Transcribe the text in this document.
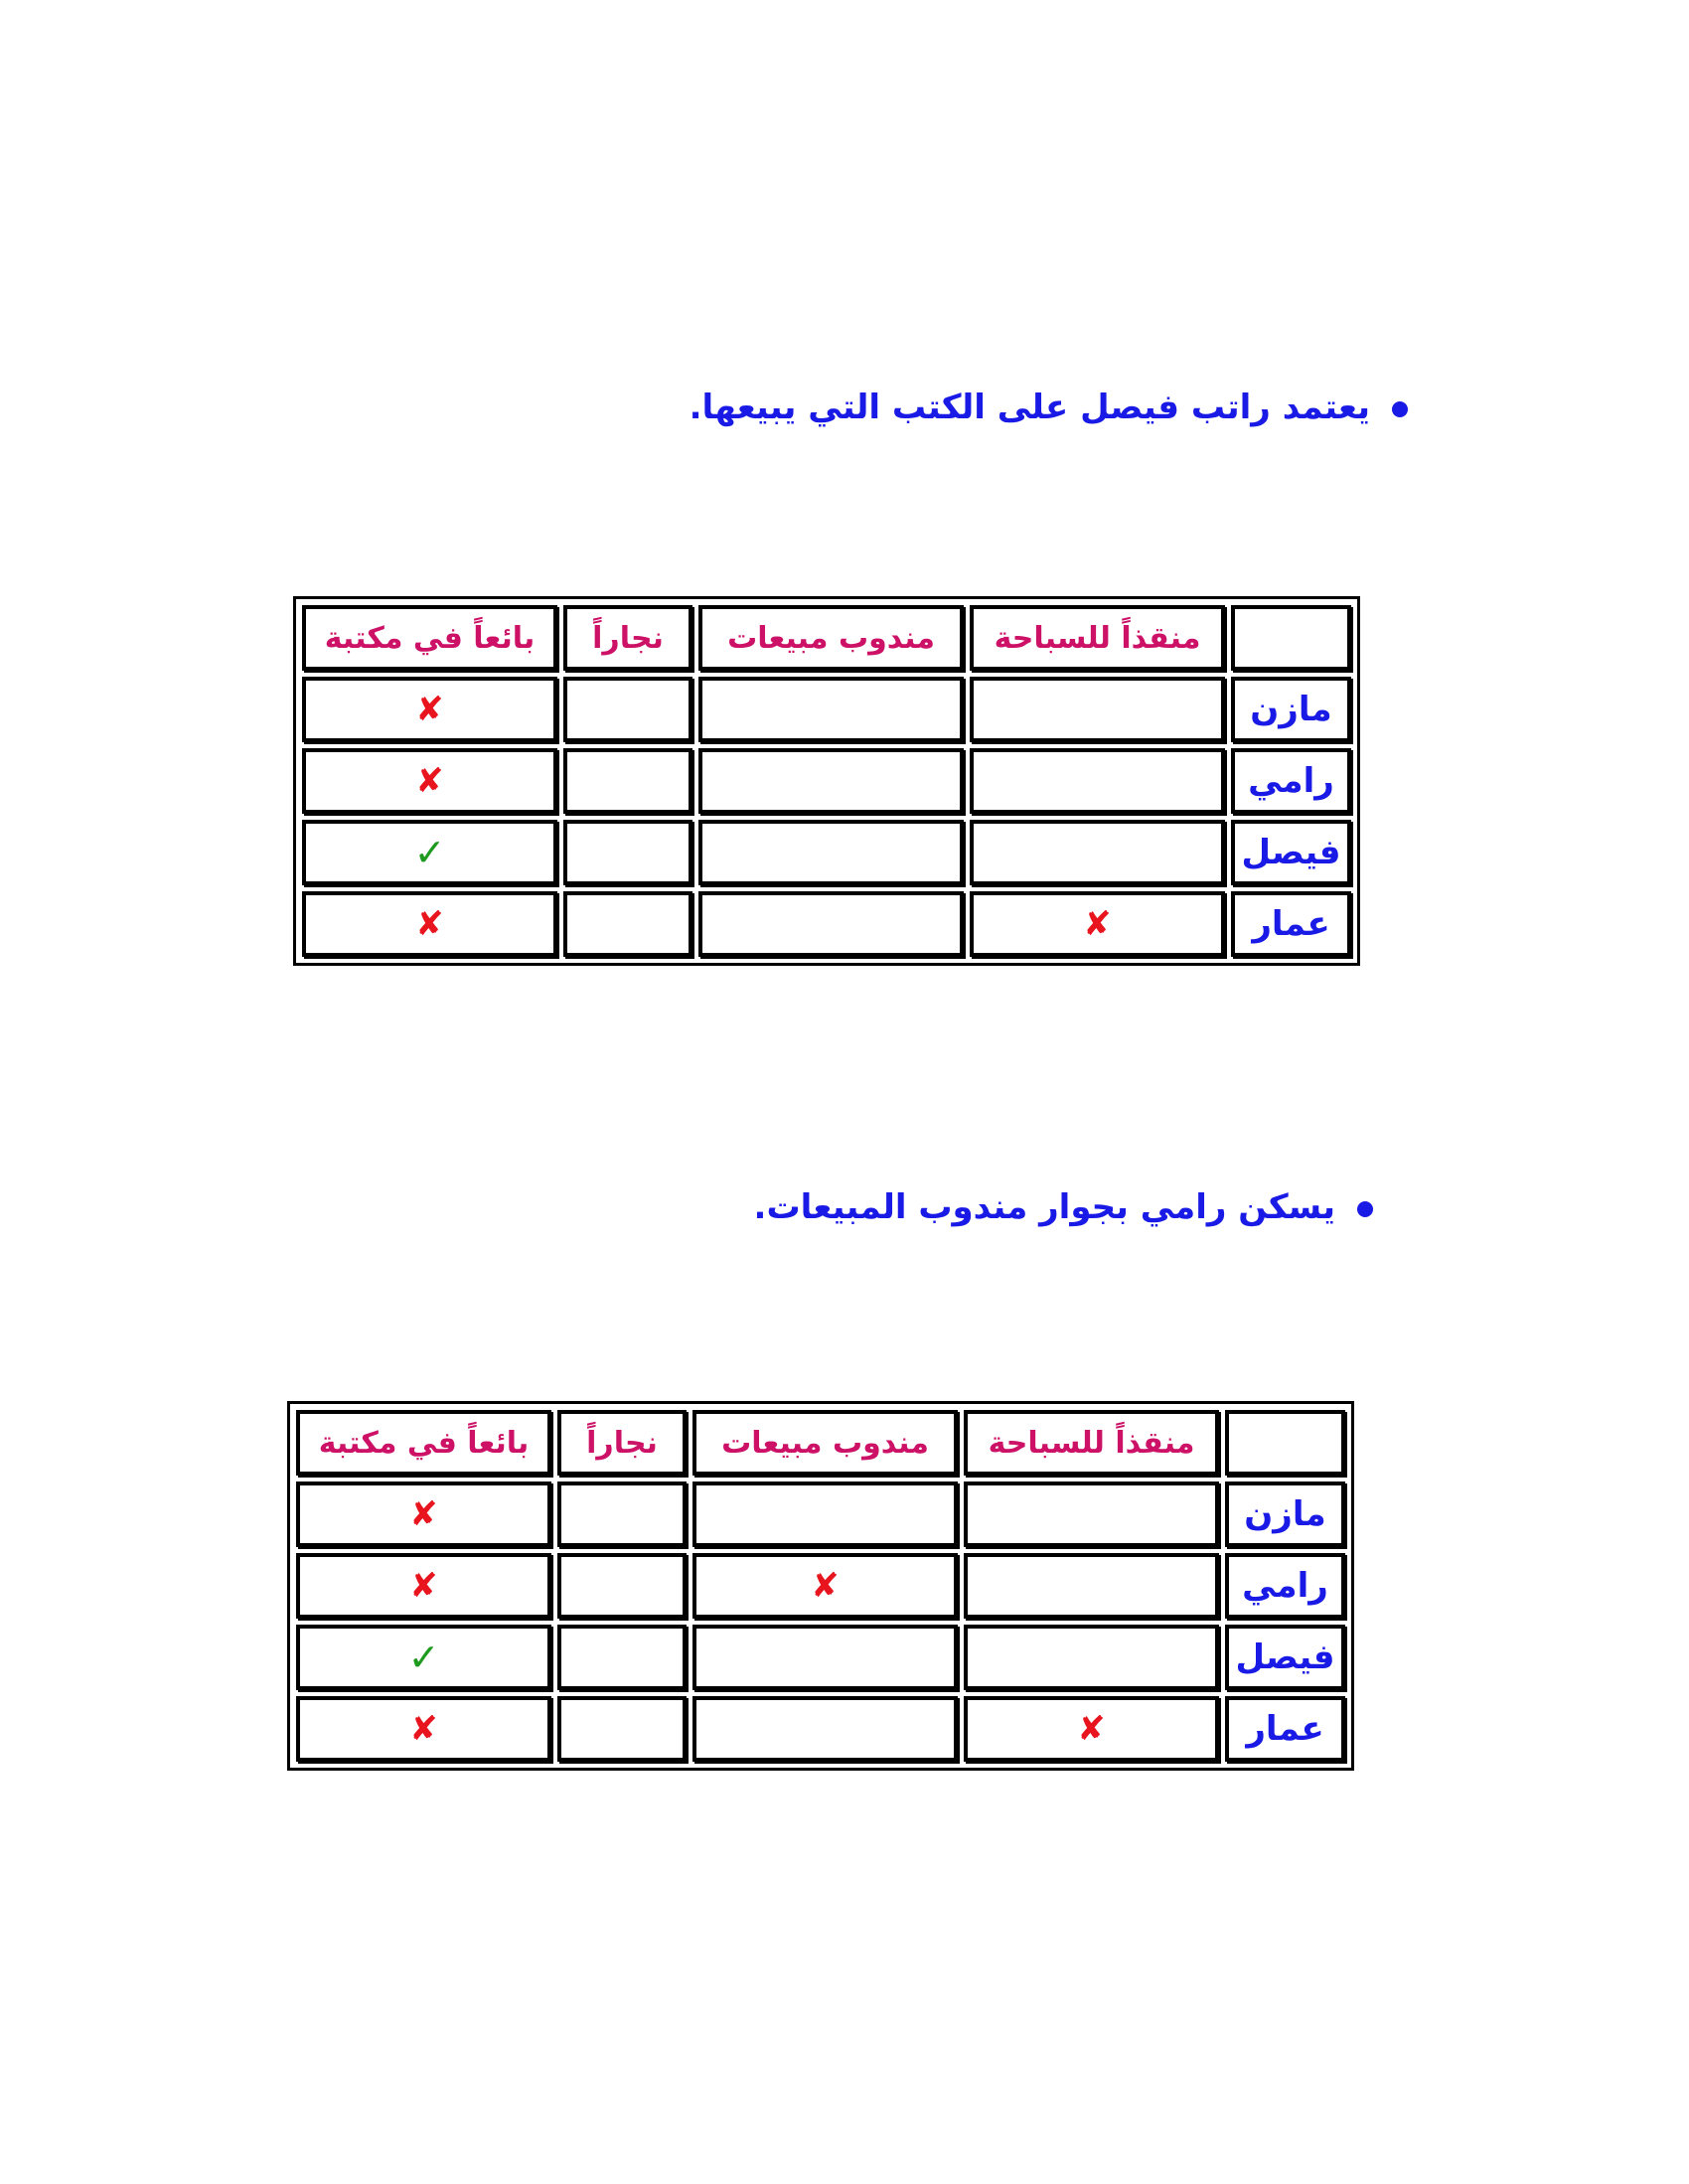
يعتمد راتب فيصل على الكتب التي يبيعها.
	منقذاً للسباحة	مندوب مبيعات	نجاراً	بائعاً في مكتبة
مازن				✘
رامي				✘
فيصل				✓
عمار	✘			✘
يسكن رامي بجوار مندوب المبيعات.
	منقذاً للسباحة	مندوب مبيعات	نجاراً	بائعاً في مكتبة
مازن				✘
رامي		✘		✘
فيصل				✓
عمار	✘			✘
